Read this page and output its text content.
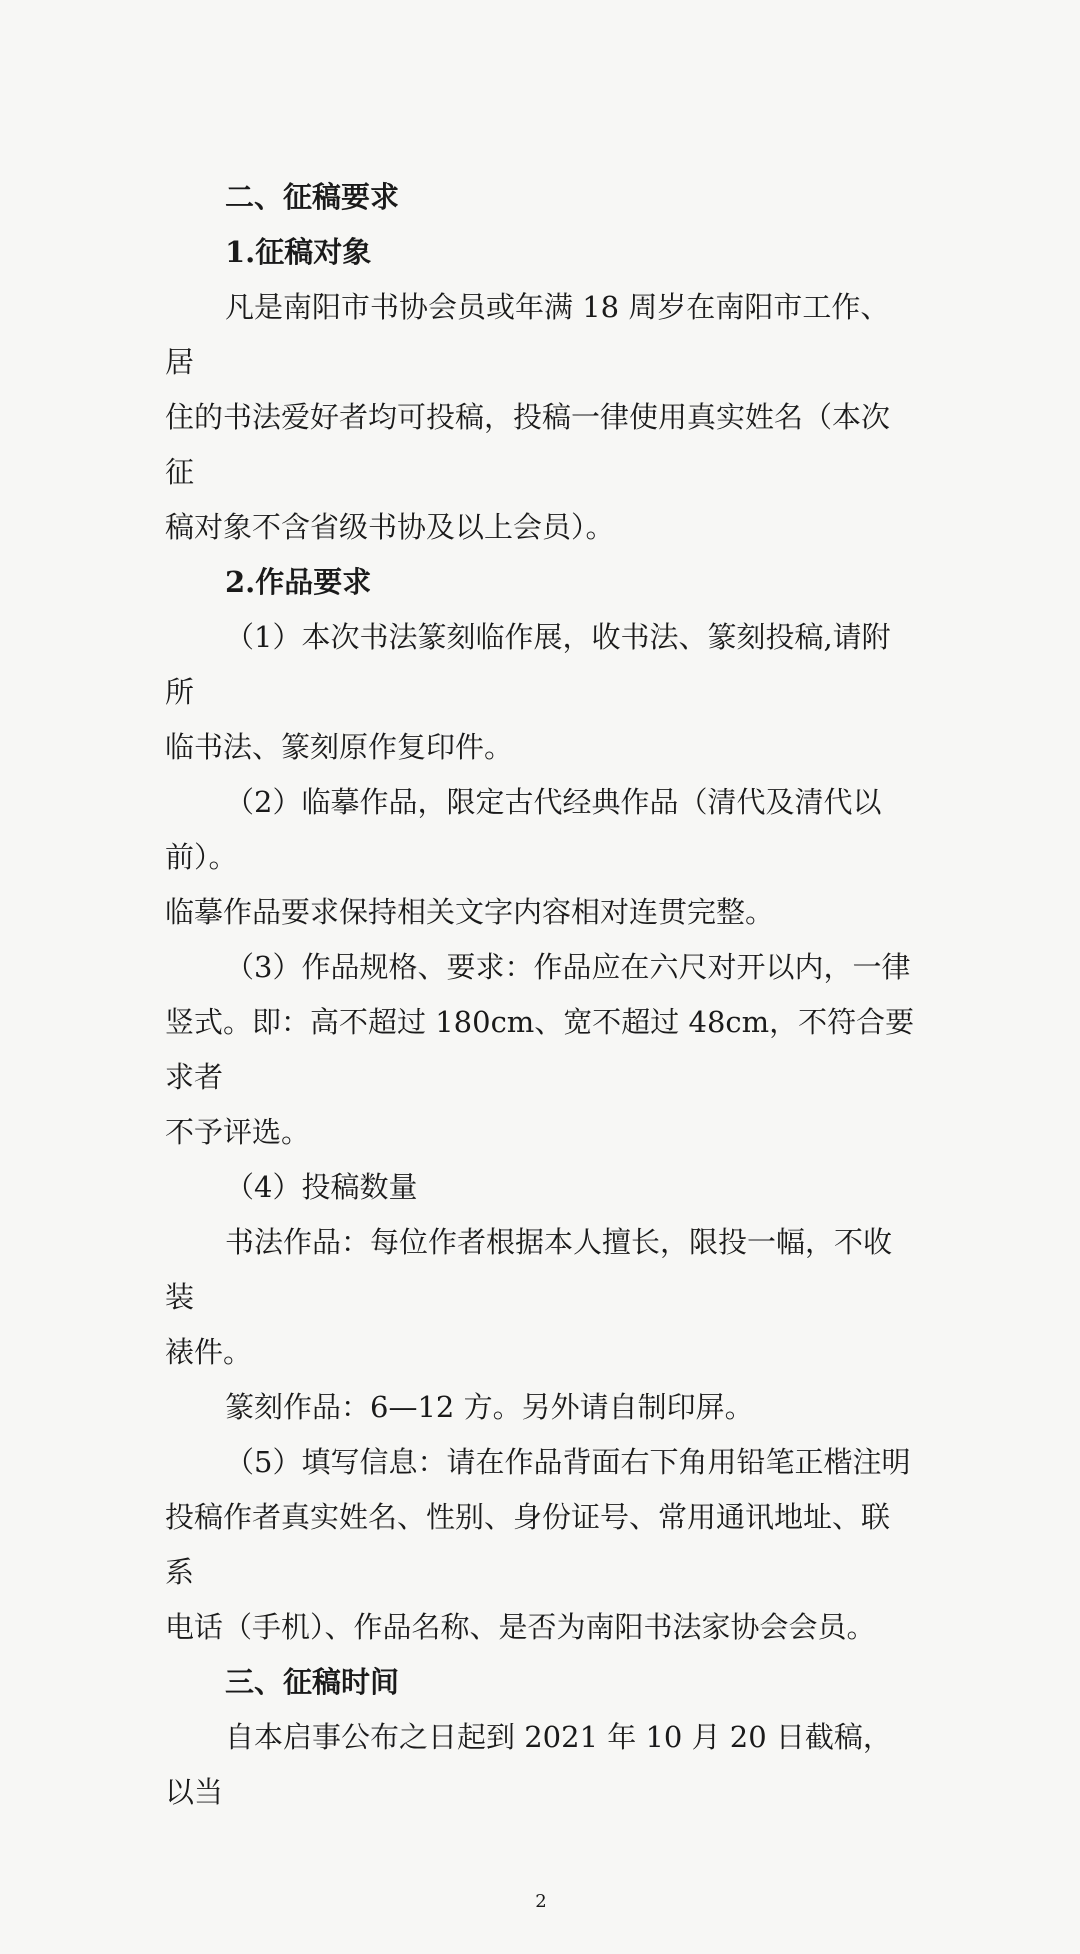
二、征稿要求
1.征稿对象
凡是南阳市书协会员或年满 18 周岁在南阳市工作、居
住的书法爱好者均可投稿，投稿一律使用真实姓名（本次征
稿对象不含省级书协及以上会员）。
2.作品要求
（1）本次书法篆刻临作展，收书法、篆刻投稿,请附所
临书法、篆刻原作复印件。
（2）临摹作品，限定古代经典作品（清代及清代以前）。
临摹作品要求保持相关文字内容相对连贯完整。
（3）作品规格、要求：作品应在六尺对开以内，一律
竖式。即：高不超过 180cm、宽不超过 48cm，不符合要求者
不予评选。
（4）投稿数量
书法作品：每位作者根据本人擅长，限投一幅，不收装
裱件。
篆刻作品：6—12 方。另外请自制印屏。
（5）填写信息：请在作品背面右下角用铅笔正楷注明
投稿作者真实姓名、性别、身份证号、常用通讯地址、联系
电话（手机）、作品名称、是否为南阳书法家协会会员。
三、征稿时间
自本启事公布之日起到 2021 年 10 月 20 日截稿，以当
2
